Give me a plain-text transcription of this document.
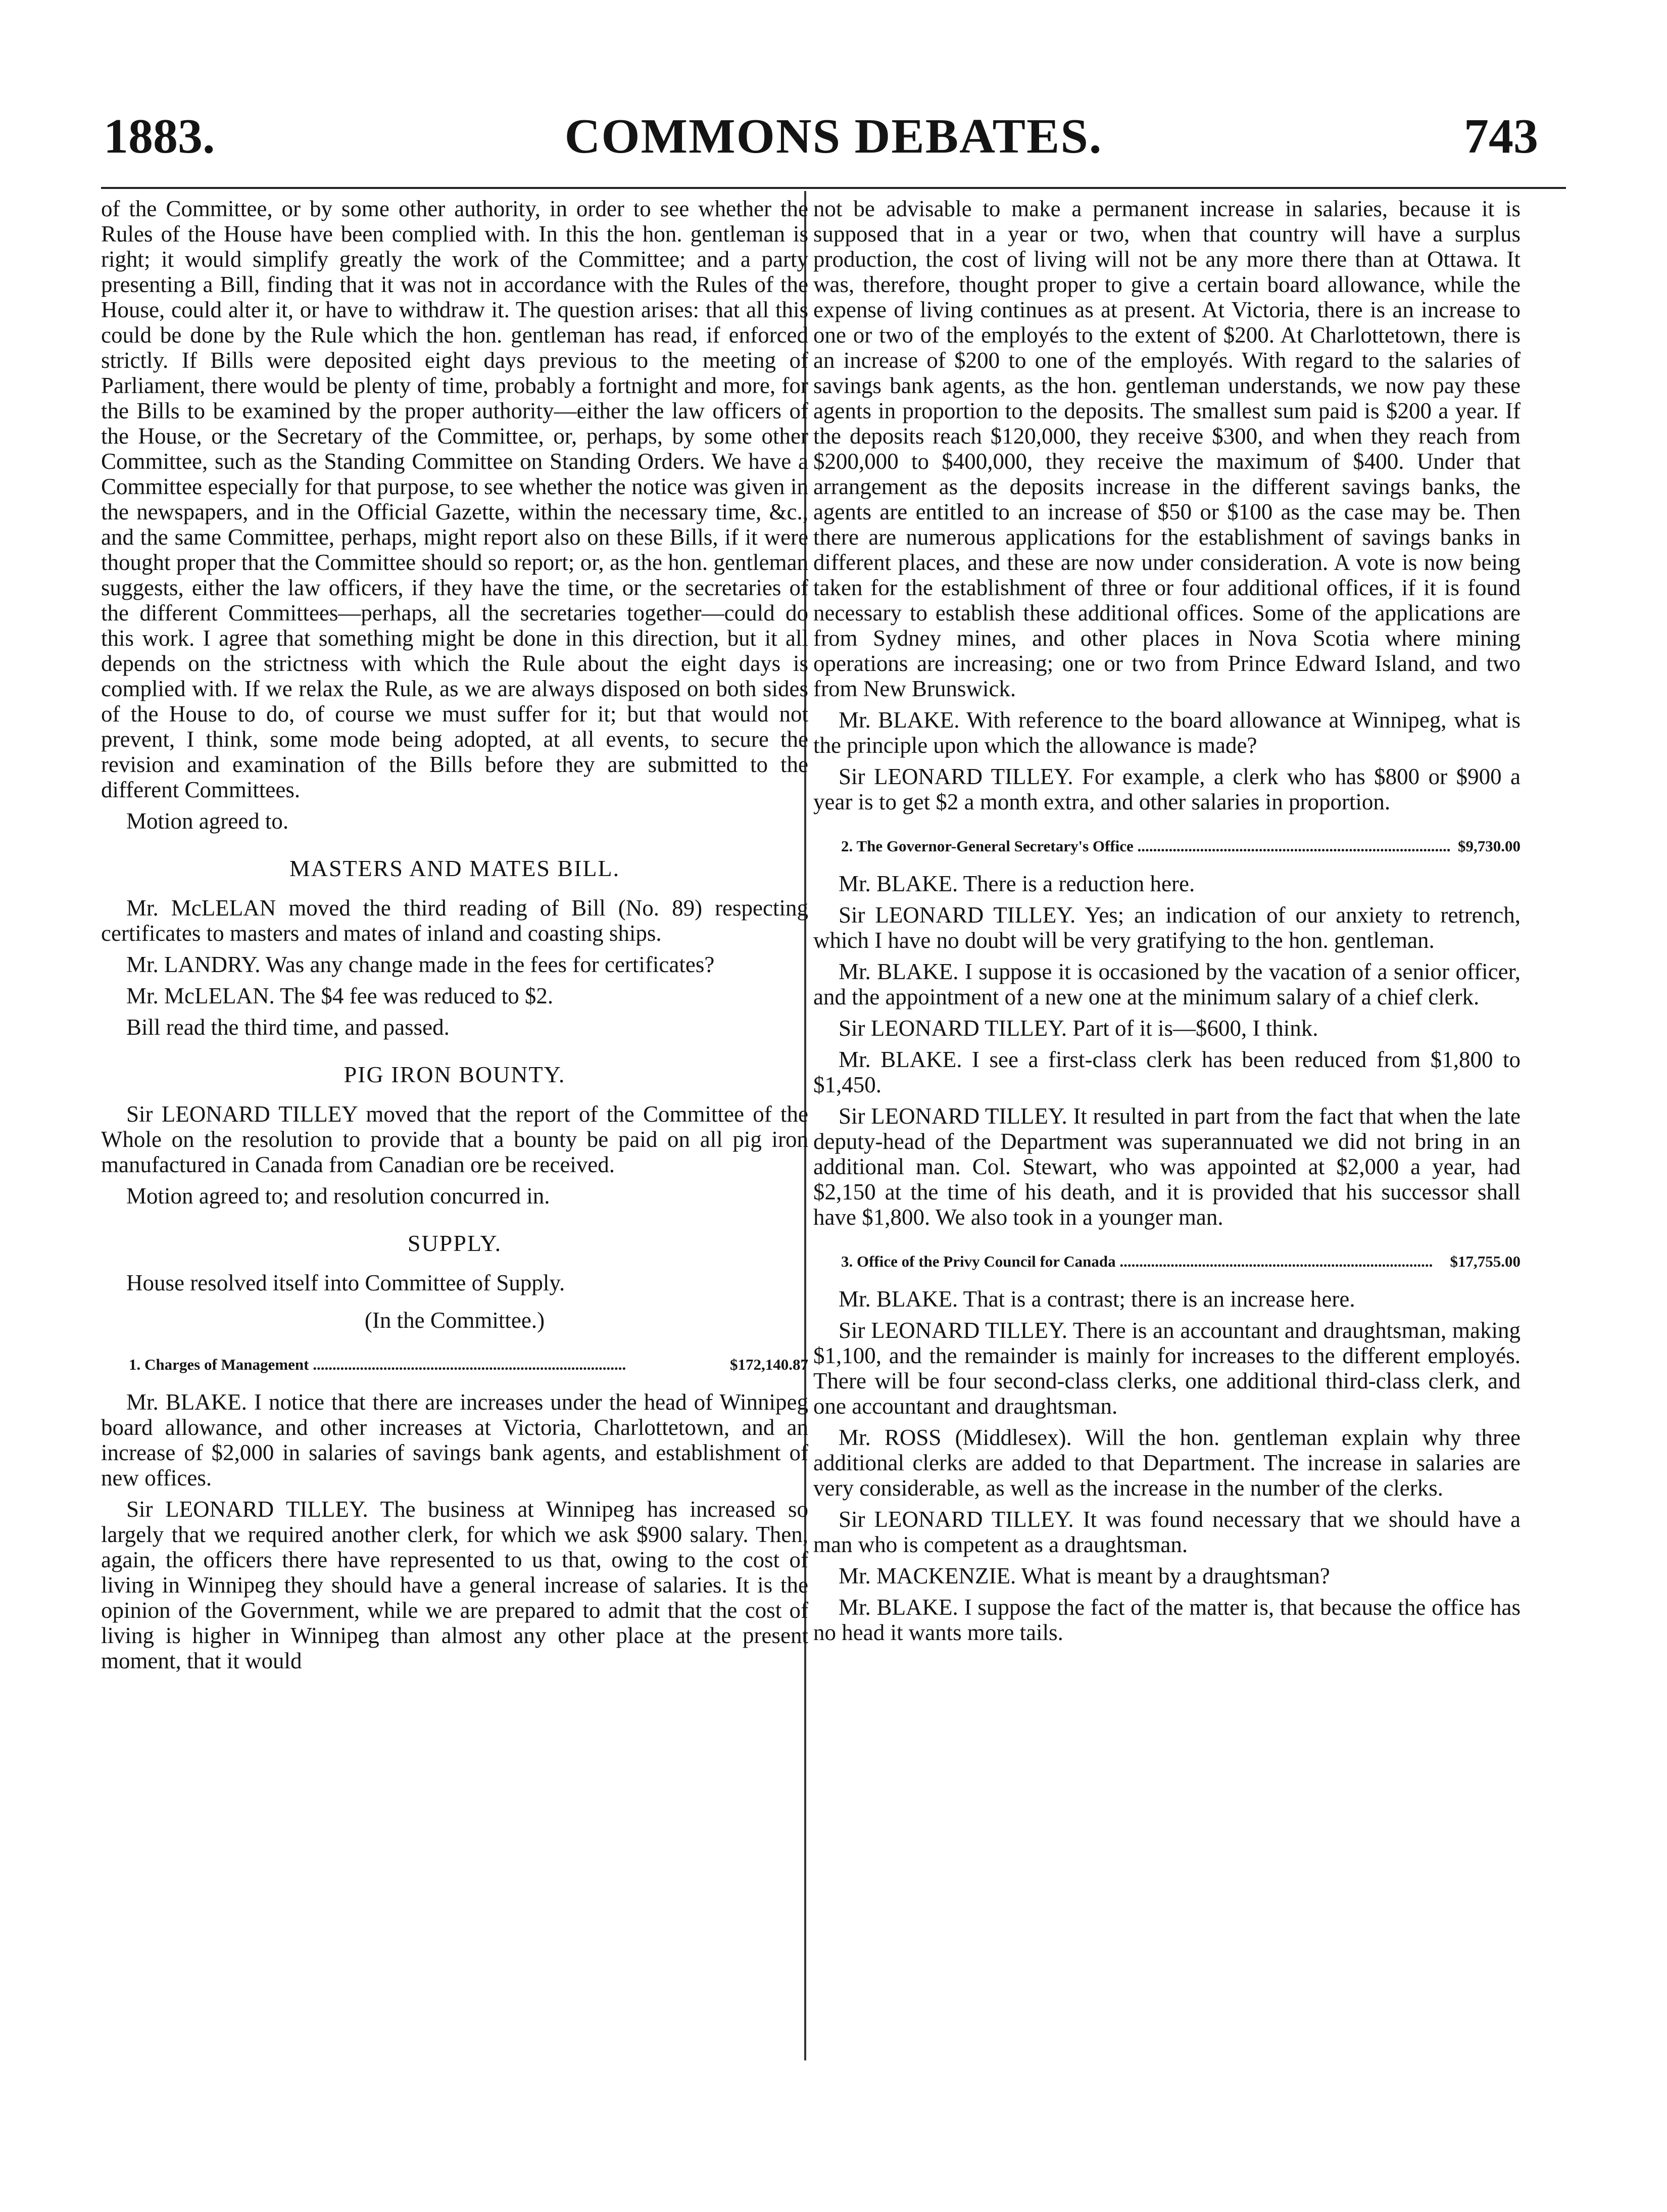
1883.	COMMONS DEBATES.	743

of the Committee, or by some other authority, in order to see whether the Rules of the House have been complied with. In this the hon. gentleman is right; it would simplify greatly the work of the Committee; and a party presenting a Bill, finding that it was not in accordance with the Rules of the House, could alter it, or have to withdraw it. The question arises: that all this could be done by the Rule which the hon. gentleman has read, if enforced strictly. If Bills were deposited eight days previous to the meeting of Parliament, there would be plenty of time, probably a fortnight and more, for the Bills to be examined by the proper authority—either the law officers of the House, or the Secretary of the Committee, or, perhaps, by some other Committee, such as the Standing Committee on Standing Orders. We have a Committee especially for that purpose, to see whether the notice was given in the newspapers, and in the Official Gazette, within the necessary time, &c., and the same Committee, perhaps, might report also on these Bills, if it were thought proper that the Committee should so report; or, as the hon. gentleman suggests, either the law officers, if they have the time, or the secretaries of the different Committees—perhaps, all the secretaries together—could do this work. I agree that something might be done in this direction, but it all depends on the strictness with which the Rule about the eight days is complied with. If we relax the Rule, as we are always disposed on both sides of the House to do, of course we must suffer for it; but that would not prevent, I think, some mode being adopted, at all events, to secure the revision and examination of the Bills before they are submitted to the different Committees.

Motion agreed to.

MASTERS AND MATES BILL.

Mr. McLELAN moved the third reading of Bill (No. 89) respecting certificates to masters and mates of inland and coasting ships.

Mr. LANDRY. Was any change made in the fees for certificates?

Mr. McLELAN. The $4 fee was reduced to $2.

Bill read the third time, and passed.

PIG IRON BOUNTY.

Sir LEONARD TILLEY moved that the report of the Committee of the Whole on the resolution to provide that a bounty be paid on all pig iron manufactured in Canada from Canadian ore be received.

Motion agreed to; and resolution concurred in.

SUPPLY.

House resolved itself into Committee of Supply.

(In the Committee.)
1. Charges of Management .....	$172,140.87

Mr. BLAKE. I notice that there are increases under the head of Winnipeg board allowance, and other increases at Victoria, Charlottetown, and an increase of $2,000 in salaries of savings bank agents, and establishment of new offices.

Sir LEONARD TILLEY. The business at Winnipeg has increased so largely that we required another clerk, for which we ask $900 salary. Then, again, the officers there have represented to us that, owing to the cost of living in Winnipeg they should have a general increase of salaries. It is the opinion of the Government, while we are prepared to admit that the cost of living is higher in Winnipeg than almost any other place at the present moment, that it would

not be advisable to make a permanent increase in salaries, because it is supposed that in a year or two, when that country will have a surplus production, the cost of living will not be any more there than at Ottawa. It was, therefore, thought proper to give a certain board allowance, while the expense of living continues as at present. At Victoria, there is an increase to one or two of the employés to the extent of $200. At Charlottetown, there is an increase of $200 to one of the employés. With regard to the salaries of savings bank agents, as the hon. gentleman understands, we now pay these agents in proportion to the deposits. The smallest sum paid is $200 a year. If the deposits reach $120,000, they receive $300, and when they reach from $200,000 to $400,000, they receive the maximum of $400. Under that arrangement as the deposits increase in the different savings banks, the agents are entitled to an increase of $50 or $100 as the case may be. Then there are numerous applications for the establishment of savings banks in different places, and these are now under consideration. A vote is now being taken for the establishment of three or four additional offices, if it is found necessary to establish these additional offices. Some of the applications are from Sydney mines, and other places in Nova Scotia where mining operations are increasing; one or two from Prince Edward Island, and two from New Brunswick.

Mr. BLAKE. With reference to the board allowance at Winnipeg, what is the principle upon which the allowance is made?

Sir LEONARD TILLEY. For example, a clerk who has $800 or $900 a year is to get $2 a month extra, and other salaries in proportion.

2. The Governor-General Secretary's Office .....	$9,730.00

Mr. BLAKE. There is a reduction here.

Sir LEONARD TILLEY. Yes; an indication of our anxiety to retrench, which I have no doubt will be very gratifying to the hon. gentleman.

Mr. BLAKE. I suppose it is occasioned by the vacation of a senior officer, and the appointment of a new one at the minimum salary of a chief clerk.

Sir LEONARD TILLEY. Part of it is—$600, I think.

Mr. BLAKE. I see a first-class clerk has been reduced from $1,800 to $1,450.

Sir LEONARD TILLEY. It resulted in part from the fact that when the late deputy-head of the Department was superannuated we did not bring in an additional man. Col. Stewart, who was appointed at $2,000 a year, had $2,150 at the time of his death, and it is provided that his successor shall have $1,800. We also took in a younger man.

3. Office of the Privy Council for Canada .....	$17,755.00

Mr. BLAKE. That is a contrast; there is an increase here.

Sir LEONARD TILLEY. There is an accountant and draughtsman, making $1,100, and the remainder is mainly for increases to the different employés. There will be four second-class clerks, one additional third-class clerk, and one accountant and draughtsman.

Mr. ROSS (Middlesex). Will the hon. gentleman explain why three additional clerks are added to that Department. The increase in salaries are very considerable, as well as the increase in the number of the clerks.

Sir LEONARD TILLEY. It was found necessary that we should have a man who is competent as a draughtsman.

Mr. MACKENZIE. What is meant by a draughtsman?

Mr. BLAKE. I suppose the fact of the matter is, that because the office has no head it wants more tails.
